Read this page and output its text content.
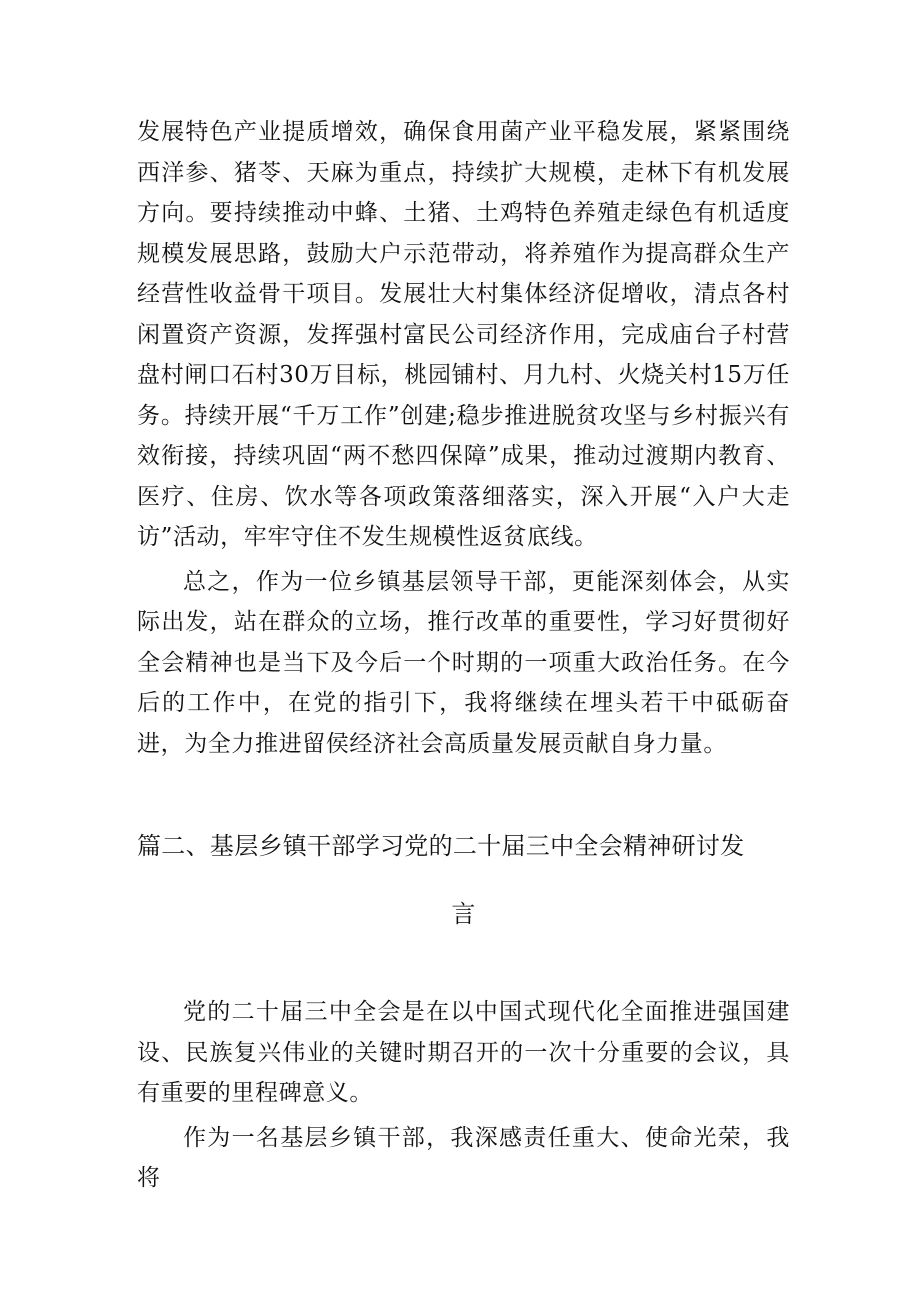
发展特色产业提质增效，确保食用菌产业平稳发展，紧紧围绕西洋参、猪苓、天麻为重点，持续扩大规模，走林下有机发展方向。要持续推动中蜂、土猪、土鸡特色养殖走绿色有机适度规模发展思路，鼓励大户示范带动，将养殖作为提高群众生产经营性收益骨干项目。发展壮大村集体经济促增收，清点各村闲置资产资源，发挥强村富民公司经济作用，完成庙台子村营盘村闸口石村30万目标，桃园铺村、月九村、火烧关村15万任务。持续开展“千万工作”创建;稳步推进脱贫攻坚与乡村振兴有效衔接，持续巩固“两不愁四保障”成果，推动过渡期内教育、医疗、住房、饮水等各项政策落细落实，深入开展“入户大走访”活动，牢牢守住不发生规模性返贫底线。

总之，作为一位乡镇基层领导干部，更能深刻体会，从实际出发，站在群众的立场，推行改革的重要性，学习好贯彻好全会精神也是当下及今后一个时期的一项重大政治任务。在今后的工作中，在党的指引下，我将继续在埋头若干中砥砺奋进，为全力推进留侯经济社会高质量发展贡献自身力量。

篇二、基层乡镇干部学习党的二十届三中全会精神研讨发
言

党的二十届三中全会是在以中国式现代化全面推进强国建设、民族复兴伟业的关键时期召开的一次十分重要的会议，具有重要的里程碑意义。

作为一名基层乡镇干部，我深感责任重大、使命光荣，我将
